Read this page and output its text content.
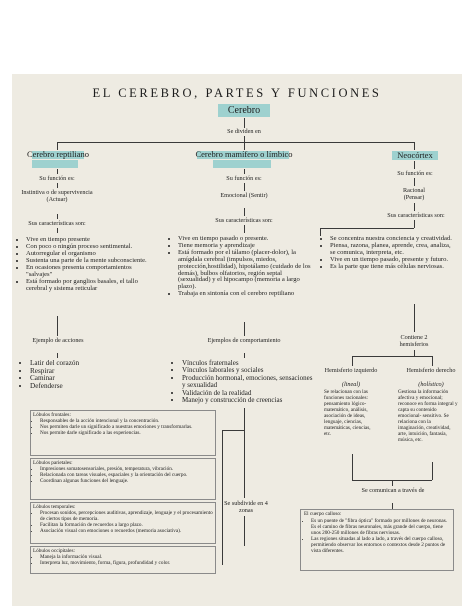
EL CEREBRO, PARTES Y FUNCIONES
Cerebro
Se dividen en
Cerebro reptiliano
Su función es:
Instintiva o de supervivencia (Actuar)
Sus características son:
• Vive en tiempo presente
• Con poco o ningún proceso sentimental.
• Autorregular el organismo
• Sustenta una parte de la mente subconsciente.
• En ocasiones presenta comportamientos "salvajes"
• Está formado por ganglios basales, el tallo cerebral y sistema reticular
Ejemplo de acciones
• Latir del corazón
• Respirar
• Caminar
• Defenderse
Cerebro mamífero o límbico
Su función es:
Emocional (Sentir)
Sus características son:
• Vive en tiempo pasado o presente.
• Tiene memoria y aprendizaje
• Está formado por el tálamo (placer-dolor), la amígdala cerebral (impulsos, miedos, protección,hostilidad), hipotálamo (cuidado de los demás), bulbos olfatorios, región septal (sexualidad) y el hipocampo (memoria a largo plazo).
• Trabaja en sintonía con el cerebro reptiliano
Ejemplos de comportamiento
• Vínculos fraternales
• Vínculos laborales y sociales
• Producción hormonal, emociones, sensaciones y sexualidad
• Validación de la realidad
• Manejo y construcción de creencias
Neocórtex
Su función es:
Racional (Pensar)
Sus características son:
• Se concentra nuestra conciencia y creatividad.
• Piensa, razona, planea, aprende, crea, analiza, se comunica, interpreta, etc.
• Vive en un tiempo pasado, presente y futuro.
• Es la parte que tiene más células nerviosas.
Contiene 2 hemisferios
Hemisferio izquierdo
(lineal)
Se relacionan con las funciones racionales: pensamiento lógico-matemático, análisis, asociación de ideas, lenguaje, ciencias, matemáticas, ciencias, etc.
Hemisferio derecho
(holístico)
Gestiona la información afectiva y emocional; reconoce en forma integral y capta su contenido emocional- sensitivo. Se relaciona con la imaginación, creatividad, arte, intuición, fantasía, música, etc.
Se comunican a través de
El cuerpo calloso:
• Es un puente de "fibra óptica" formado por millones de neuronas. Es el camino de fibras neuronales, más grande del cuerpo, tiene unos 200-250 millones de fibras nerviosas.
• Las regiones situadas al lado a lado, a través del cuerpo calloso, permitiendo observar los entornos o contextos desde 2 puntos de vista diferentes.
Se subdivide en 4 zonas
Lóbulos frontales:
• Responsables de la acción intencional y la concentración.
• Nos permiten darle un significado a nuestras emociones y transformarlas.
• Nos permite darle significado a las experiencias.
Lóbulos parietales:
• Impresiones somatosensoriales, presión, temperatura, vibración.
• Relacionada con tareas visuales, espaciales y la orientación del cuerpo.
• Coordinan algunas funciones del lenguaje.
Lóbulos temporales:
• Procesan sonidos, percepciones auditivas, aprendizaje, lenguaje y el procesamiento de ciertos tipos de memoria.
• Facilitan la formación de recuerdos a largo plazo.
• Asociación visual con emociones o recuerdos (memoria asociativa).
Lóbulos occipitales:
• Maneja la información visual.
• Interpreta luz, movimiento, forma, figura, profundidad y color.
